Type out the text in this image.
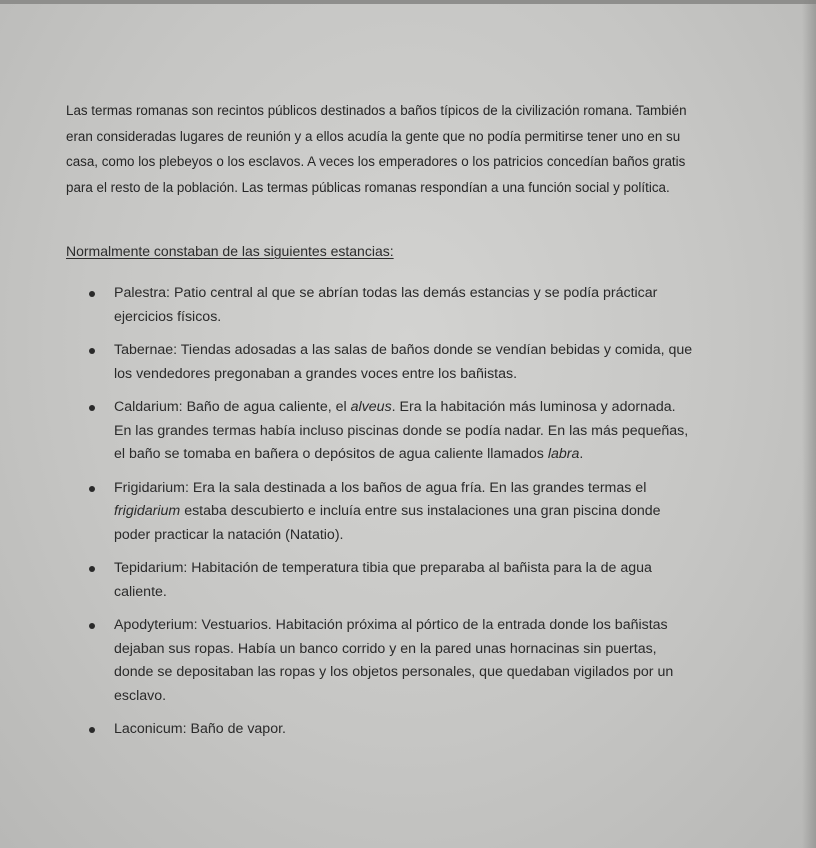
Las termas romanas son recintos públicos destinados a baños típicos de la civilización romana. También eran consideradas lugares de reunión y a ellos acudía la gente que no podía permitirse tener uno en su casa, como los plebeyos o los esclavos. A veces los emperadores o los patricios concedían baños gratis para el resto de la población. Las termas públicas romanas respondían a una función social y política.

Normalmente constaban de las siguientes estancias:

Palestra: Patio central al que se abrían todas las demás estancias y se podía prácticar ejercicios físicos.
Tabernae: Tiendas adosadas a las salas de baños donde se vendían bebidas y comida, que los vendedores pregonaban a grandes voces entre los bañistas.
Caldarium: Baño de agua caliente, el alveus. Era la habitación más luminosa y adornada. En las grandes termas había incluso piscinas donde se podía nadar. En las más pequeñas, el baño se tomaba en bañera o depósitos de agua caliente llamados labra.
Frigidarium: Era la sala destinada a los baños de agua fría. En las grandes termas el frigidarium estaba descubierto e incluía entre sus instalaciones una gran piscina donde poder practicar la natación (Natatio).
Tepidarium: Habitación de temperatura tibia que preparaba al bañista para la de agua caliente.
Apodyterium: Vestuarios. Habitación próxima al pórtico de la entrada donde los bañistas dejaban sus ropas. Había un banco corrido y en la pared unas hornacinas sin puertas, donde se depositaban las ropas y los objetos personales, que quedaban vigilados por un esclavo.
Laconicum: Baño de vapor.
